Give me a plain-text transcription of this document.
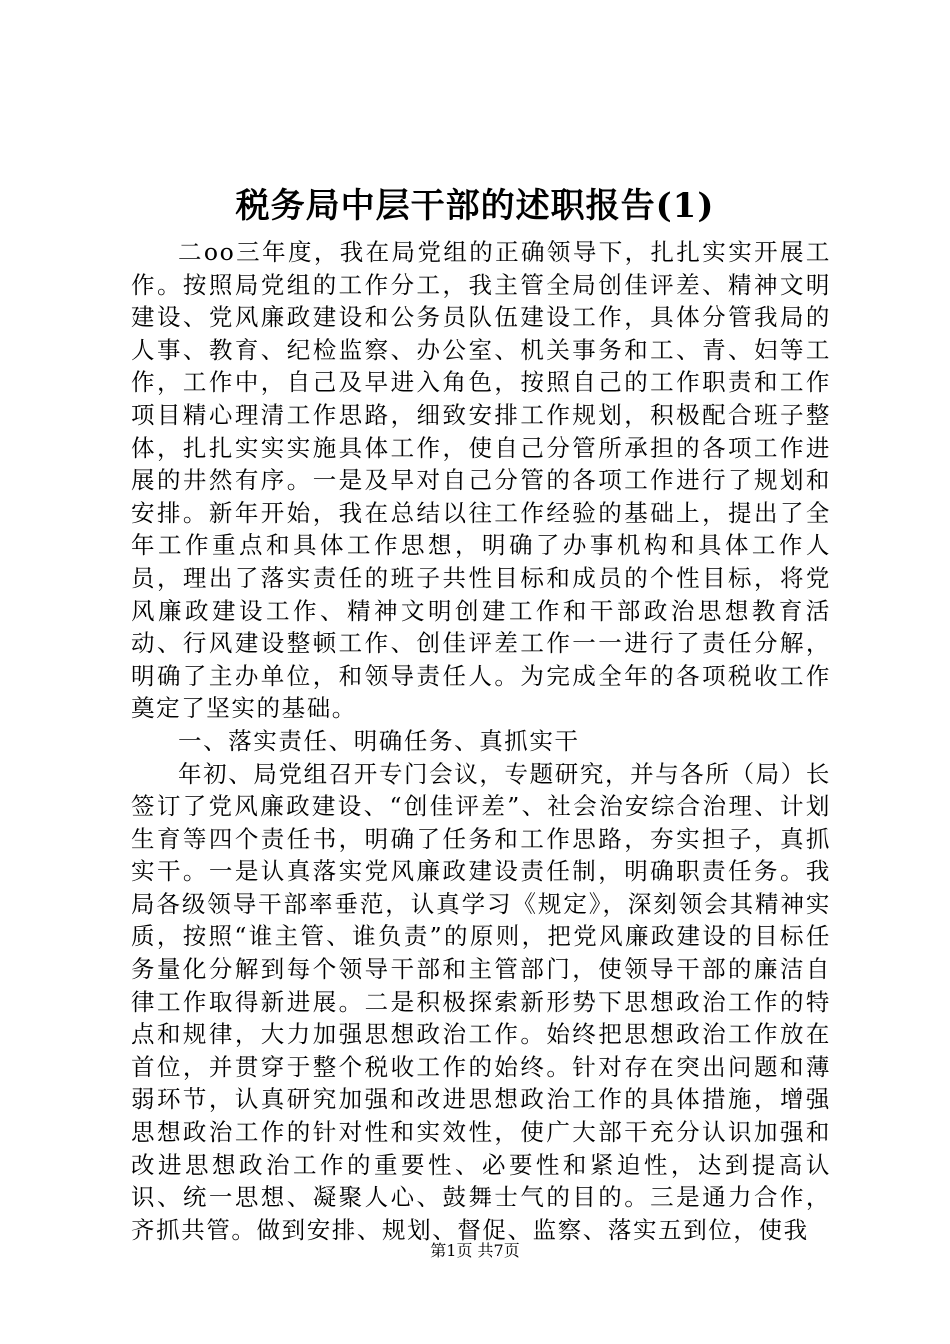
税务局中层干部的述职报告(1)

二oo三年度，我在局党组的正确领导下，扎扎实实开展工作。按照局党组的工作分工，我主管全局创佳评差、精神文明建设、党风廉政建设和公务员队伍建设工作，具体分管我局的人事、教育、纪检监察、办公室、机关事务和工、青、妇等工作，工作中，自己及早进入角色，按照自己的工作职责和工作项目精心理清工作思路，细致安排工作规划，积极配合班子整体，扎扎实实实施具体工作，使自己分管所承担的各项工作进展的井然有序。一是及早对自己分管的各项工作进行了规划和安排。新年开始，我在总结以往工作经验的基础上，提出了全年工作重点和具体工作思想，明确了办事机构和具体工作人员，理出了落实责任的班子共性目标和成员的个性目标，将党风廉政建设工作、精神文明创建工作和干部政治思想教育活动、行风建设整顿工作、创佳评差工作一一进行了责任分解，明确了主办单位，和领导责任人。为完成全年的各项税收工作奠定了坚实的基础。

一、落实责任、明确任务、真抓实干

年初、局党组召开专门会议，专题研究，并与各所（局）长签订了党风廉政建设、“创佳评差”、社会治安综合治理、计划生育等四个责任书，明确了任务和工作思路，夯实担子，真抓实干。一是认真落实党风廉政建设责任制，明确职责任务。我局各级领导干部率垂范，认真学习《规定》，深刻领会其精神实质，按照“谁主管、谁负责”的原则，把党风廉政建设的目标任务量化分解到每个领导干部和主管部门，使领导干部的廉洁自律工作取得新进展。二是积极探索新形势下思想政治工作的特点和规律，大力加强思想政治工作。始终把思想政治工作放在首位，并贯穿于整个税收工作的始终。针对存在突出问题和薄弱环节，认真研究加强和改进思想政治工作的具体措施，增强思想政治工作的针对性和实效性，使广大部干充分认识加强和改进思想政治工作的重要性、必要性和紧迫性，达到提高认识、统一思想、凝聚人心、鼓舞士气的目的。三是通力合作，齐抓共管。做到安排、规划、督促、监察、落实五到位，使我

第1页 共7页
